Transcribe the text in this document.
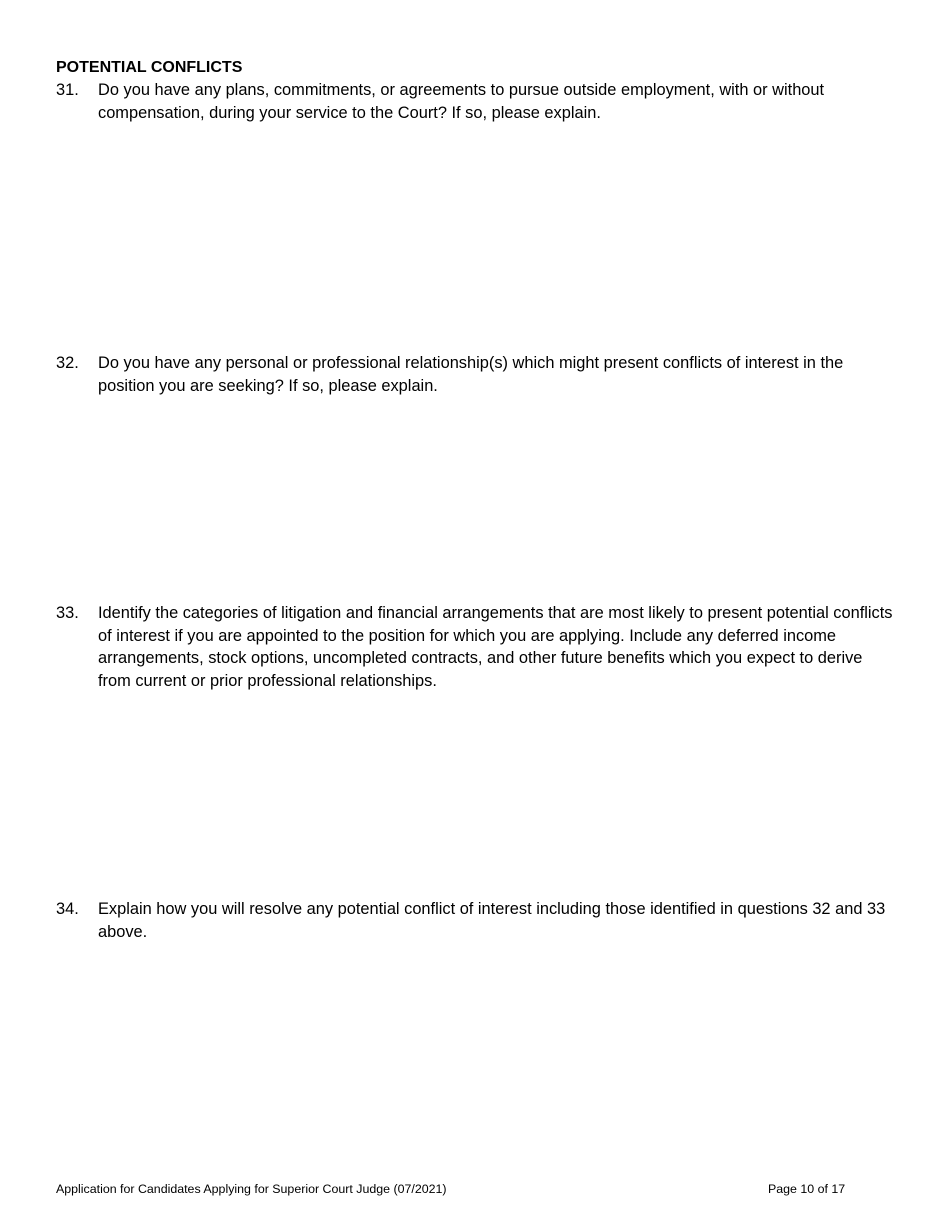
POTENTIAL CONFLICTS
31.	Do you have any plans, commitments, or agreements to pursue outside employment, with or without compensation, during your service to the Court? If so, please explain.
32.	Do you have any personal or professional relationship(s) which might present conflicts of interest in the position you are seeking? If so, please explain.
33.	Identify the categories of litigation and financial arrangements that are most likely to present potential conflicts of interest if you are appointed to the position for which you are applying. Include any deferred income arrangements, stock options, uncompleted contracts, and other future benefits which you expect to derive from current or prior professional relationships.
34.	Explain how you will resolve any potential conflict of interest including those identified in questions 32 and 33 above.
Application for Candidates Applying for Superior Court Judge (07/2021)	Page 10 of 17
